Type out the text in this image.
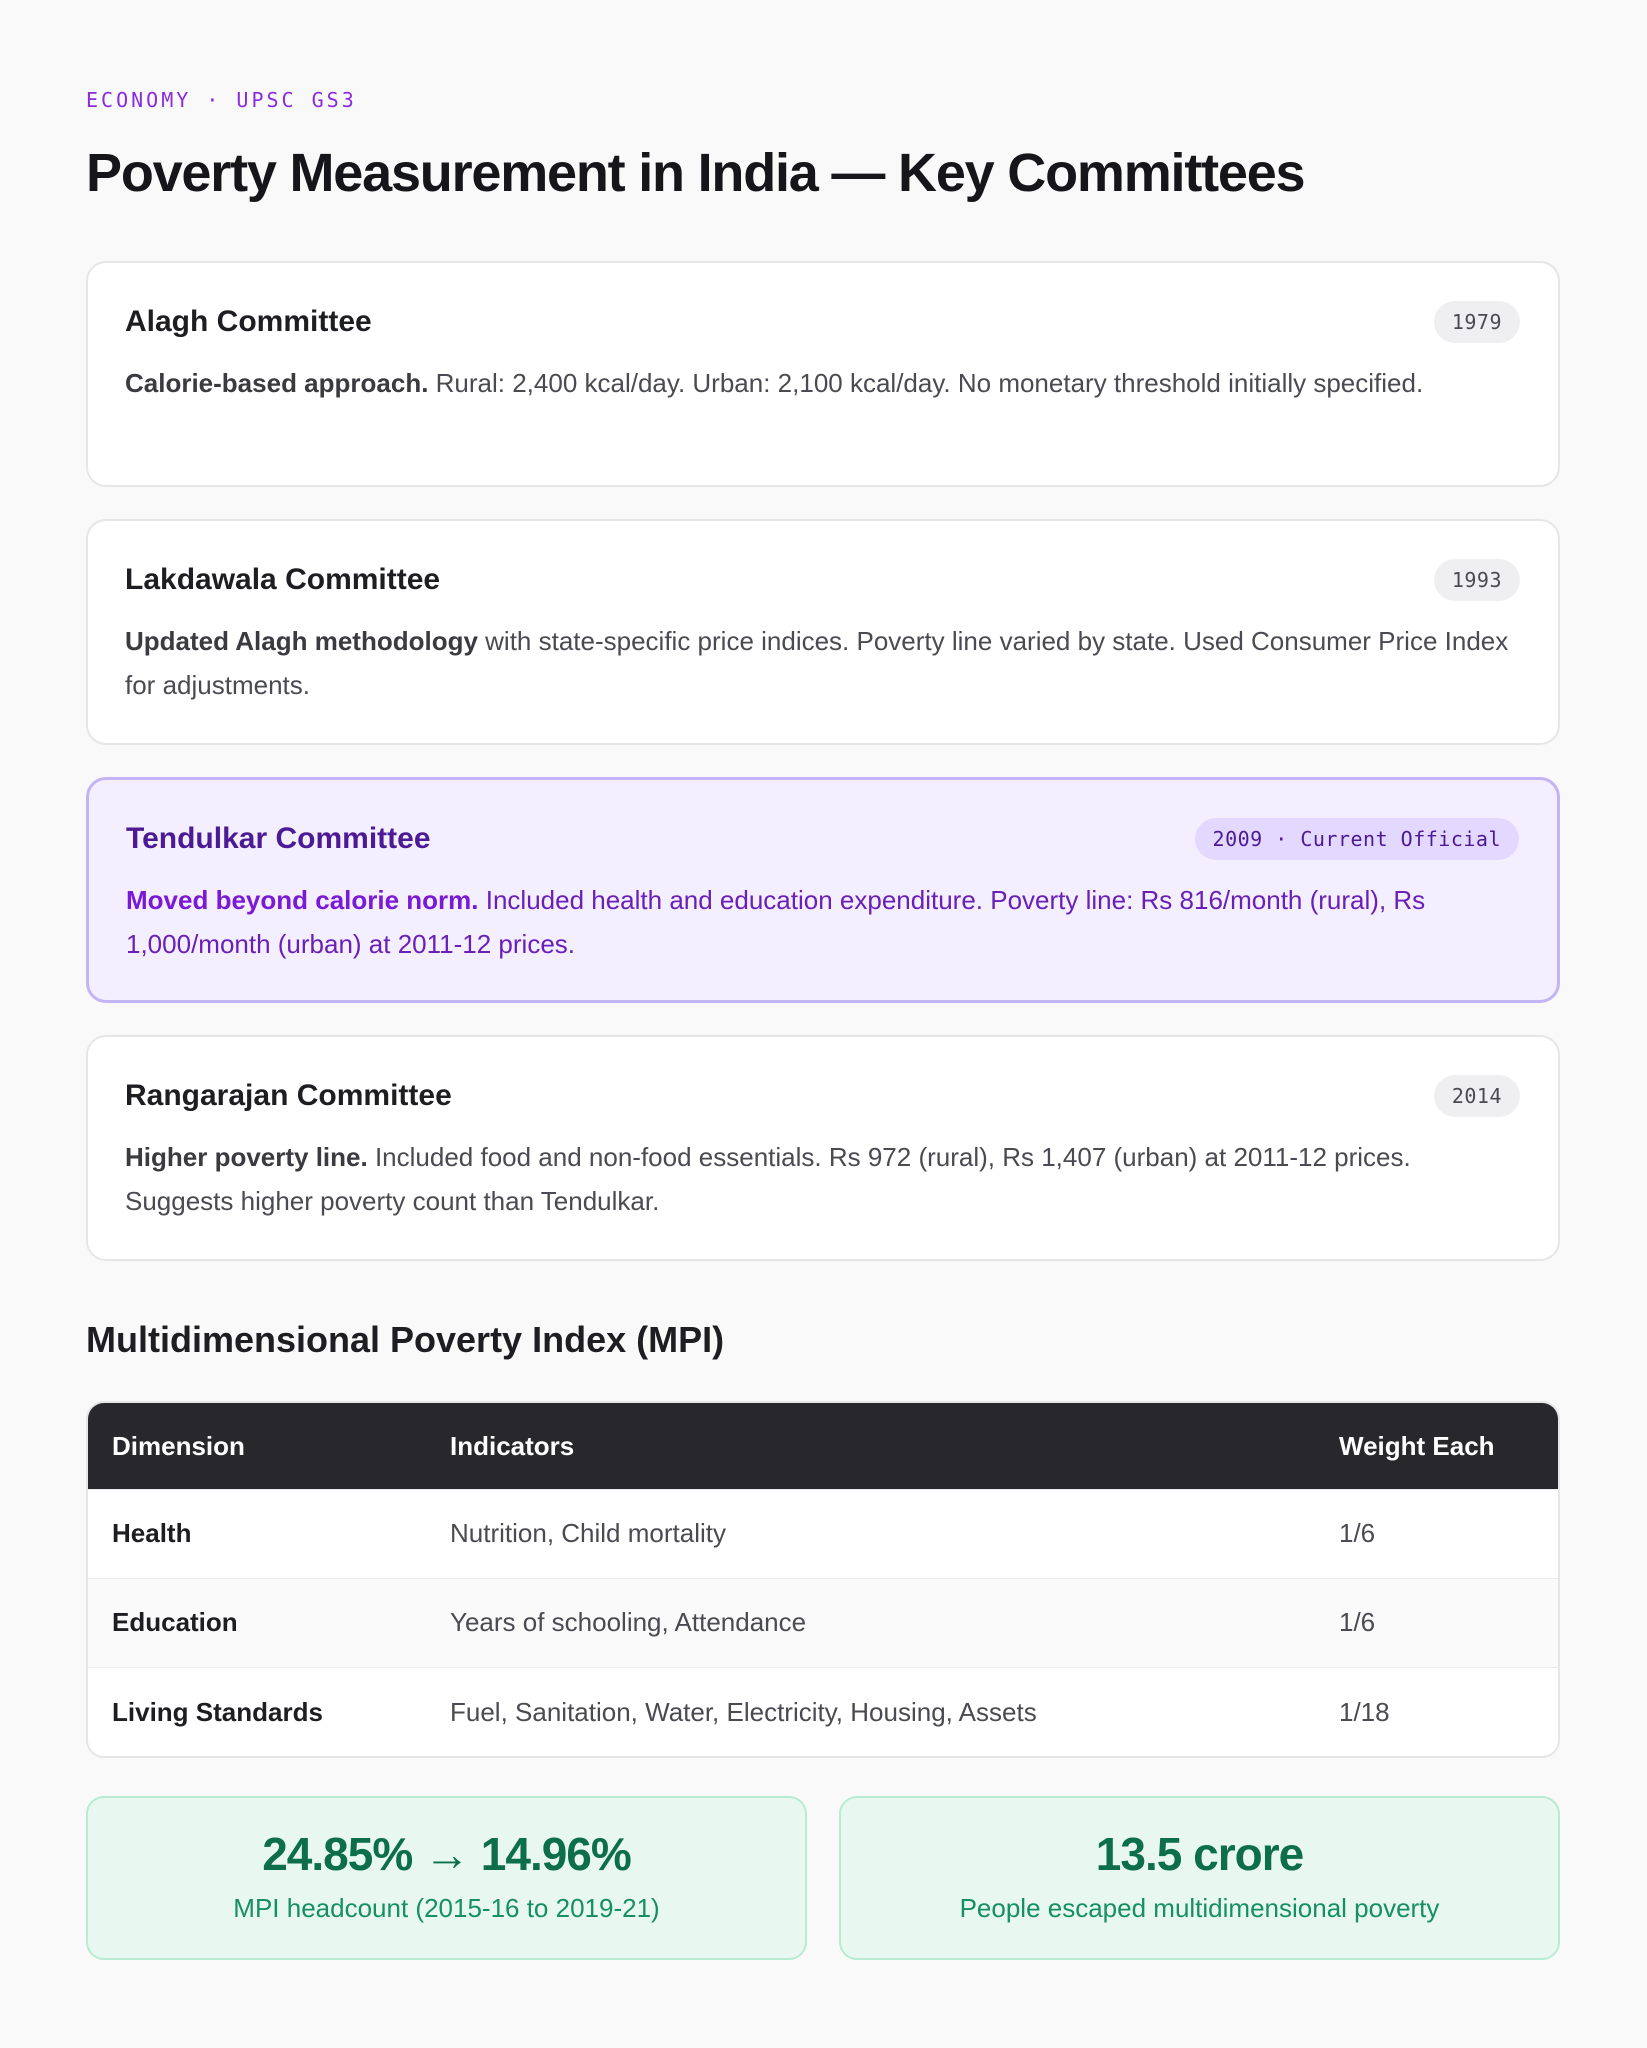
ECONOMY · UPSC GS3
Poverty Measurement in India — Key Committees
Alagh Committee	1979
Calorie-based approach. Rural: 2,400 kcal/day. Urban: 2,100 kcal/day. No monetary threshold initially specified.
Lakdawala Committee	1993
Updated Alagh methodology with state-specific price indices. Poverty line varied by state. Used Consumer Price Index for adjustments.
Tendulkar Committee	2009 · Current Official
Moved beyond calorie norm. Included health and education expenditure. Poverty line: Rs 816/month (rural), Rs 1,000/month (urban) at 2011-12 prices.
Rangarajan Committee	2014
Higher poverty line. Included food and non-food essentials. Rs 972 (rural), Rs 1,407 (urban) at 2011-12 prices. Suggests higher poverty count than Tendulkar.
Multidimensional Poverty Index (MPI)
Dimension	Indicators	Weight Each
Health	Nutrition, Child mortality	1/6
Education	Years of schooling, Attendance	1/6
Living Standards	Fuel, Sanitation, Water, Electricity, Housing, Assets	1/18
24.85% → 14.96%
MPI headcount (2015-16 to 2019-21)
13.5 crore
People escaped multidimensional poverty
